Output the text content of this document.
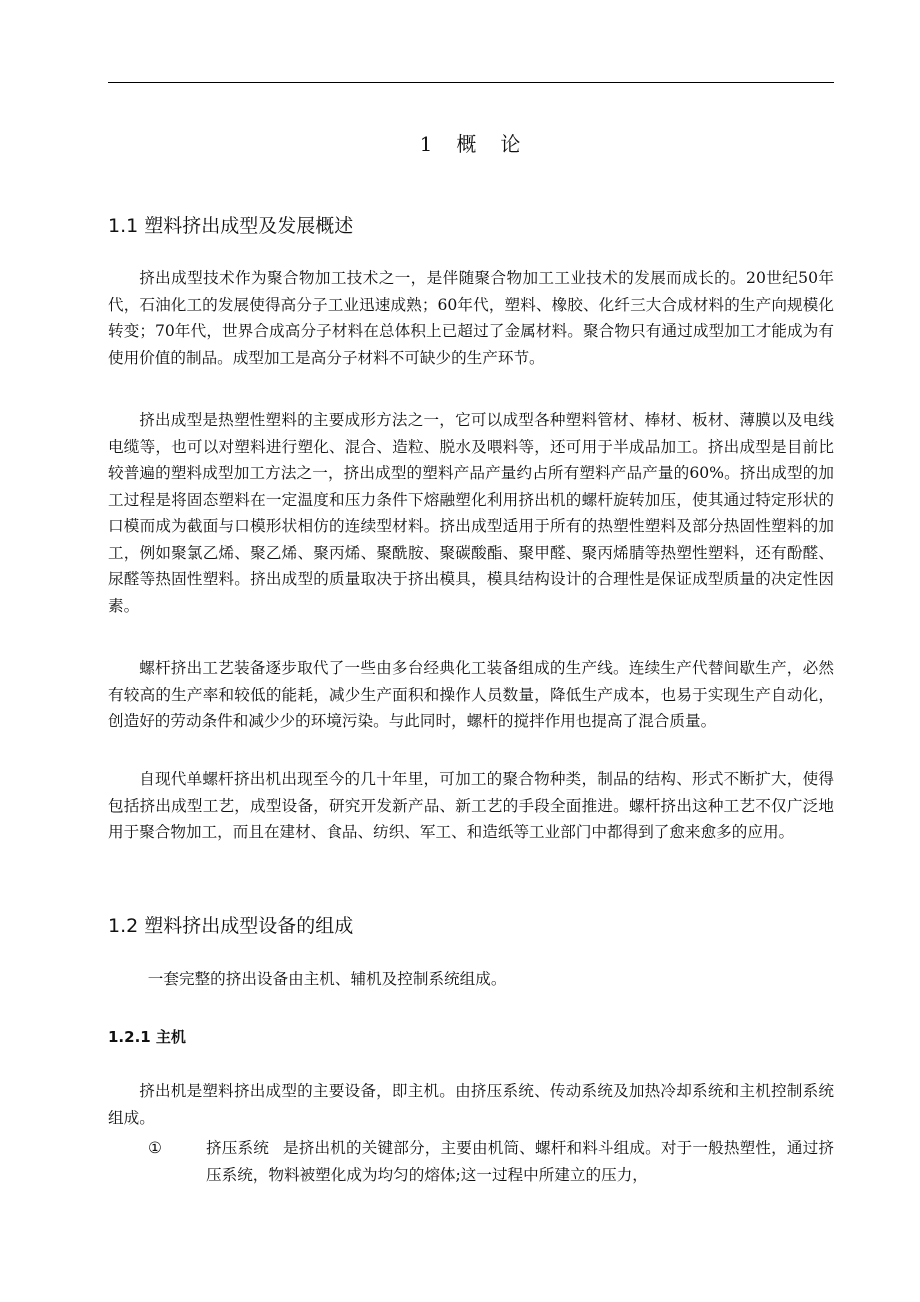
1　概　论
1.1 塑料挤出成型及发展概述

挤出成型技术作为聚合物加工技术之一，是伴随聚合物加工工业技术的发展而成长的。20世纪50年代，石油化工的发展使得高分子工业迅速成熟；60年代，塑料、橡胶、化纤三大合成材料的生产向规模化转变；70年代，世界合成高分子材料在总体积上已超过了金属材料。聚合物只有通过成型加工才能成为有使用价值的制品。成型加工是高分子材料不可缺少的生产环节。

挤出成型是热塑性塑料的主要成形方法之一，它可以成型各种塑料管材、棒材、板材、薄膜以及电线电缆等，也可以对塑料进行塑化、混合、造粒、脱水及喂料等，还可用于半成品加工。挤出成型是目前比较普遍的塑料成型加工方法之一，挤出成型的塑料产品产量约占所有塑料产品产量的60%。挤出成型的加工过程是将固态塑料在一定温度和压力条件下熔融塑化利用挤出机的螺杆旋转加压，使其通过特定形状的口模而成为截面与口模形状相仿的连续型材料。挤出成型适用于所有的热塑性塑料及部分热固性塑料的加工，例如聚氯乙烯、聚乙烯、聚丙烯、聚酰胺、聚碳酸酯、聚甲醛、聚丙烯腈等热塑性塑料，还有酚醛、尿醛等热固性塑料。挤出成型的质量取决于挤出模具，模具结构设计的合理性是保证成型质量的决定性因素。

螺杆挤出工艺装备逐步取代了一些由多台经典化工装备组成的生产线。连续生产代替间歇生产，必然有较高的生产率和较低的能耗，减少生产面积和操作人员数量，降低生产成本，也易于实现生产自动化，创造好的劳动条件和减少少的环境污染。与此同时，螺杆的搅拌作用也提高了混合质量。

自现代单螺杆挤出机出现至今的几十年里，可加工的聚合物种类，制品的结构、形式不断扩大，使得包括挤出成型工艺，成型设备，研究开发新产品、新工艺的手段全面推进。螺杆挤出这种工艺不仅广泛地用于聚合物加工，而且在建材、食品、纺织、军工、和造纸等工业部门中都得到了愈来愈多的应用。

1.2 塑料挤出成型设备的组成

一套完整的挤出设备由主机、辅机及控制系统组成。

1.2.1 主机

挤出机是塑料挤出成型的主要设备，即主机。由挤压系统、传动系统及加热冷却系统和主机控制系统组成。

①	挤压系统 是挤出机的关键部分，主要由机筒、螺杆和料斗组成。对于一般热塑性，通过挤压系统，物料被塑化成为均匀的熔体;这一过程中所建立的压力，
